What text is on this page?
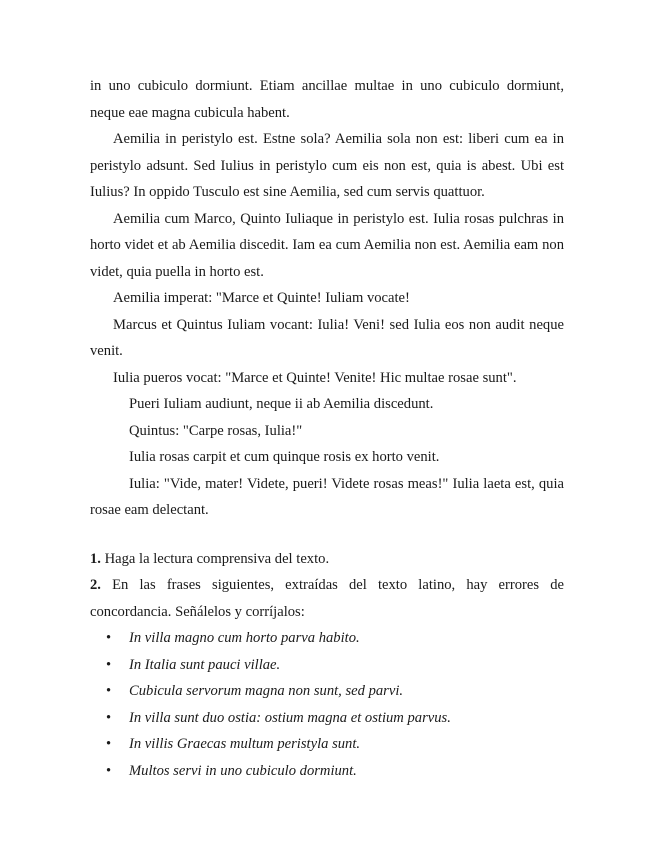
in uno cubiculo dormiunt. Etiam ancillae multae in uno cubiculo dormiunt, neque eae magna cubicula habent.

Aemilia in peristylo est. Estne sola? Aemilia sola non est: liberi cum ea in peristylo adsunt. Sed Iulius in peristylo cum eis non est, quia is abest. Ubi est Iulius? In oppido Tusculo est sine Aemilia, sed cum servis quattuor.

Aemilia cum Marco, Quinto Iuliaque in peristylo est. Iulia rosas pulchras in horto videt et ab Aemilia discedit. Iam ea cum Aemilia non est. Aemilia eam non videt, quia puella in horto est.

Aemilia imperat: "Marce et Quinte! Iuliam vocate!

Marcus et Quintus Iuliam vocant: Iulia! Veni! sed Iulia eos non audit neque venit.

Iulia pueros vocat: "Marce et Quinte! Venite! Hic multae rosae sunt".

Pueri Iuliam audiunt, neque ii ab Aemilia discedunt.

Quintus: "Carpe rosas, Iulia!"

Iulia rosas carpit et cum quinque rosis ex horto venit.

Iulia: "Vide, mater! Videte, pueri! Videte rosas meas!" Iulia laeta est, quia rosae eam delectant.

1. Haga la lectura comprensiva del texto.

2. En las frases siguientes, extraídas del texto latino, hay errores de concordancia. Señálelos y corríjalos:

• In villa magno cum horto parva habito.
• In Italia sunt pauci villae.
• Cubicula servorum magna non sunt, sed parvi.
• In villa sunt duo ostia: ostium magna et ostium parvus.
• In villis Graecas multum peristyla sunt.
• Multos servi in uno cubiculo dormiunt.
